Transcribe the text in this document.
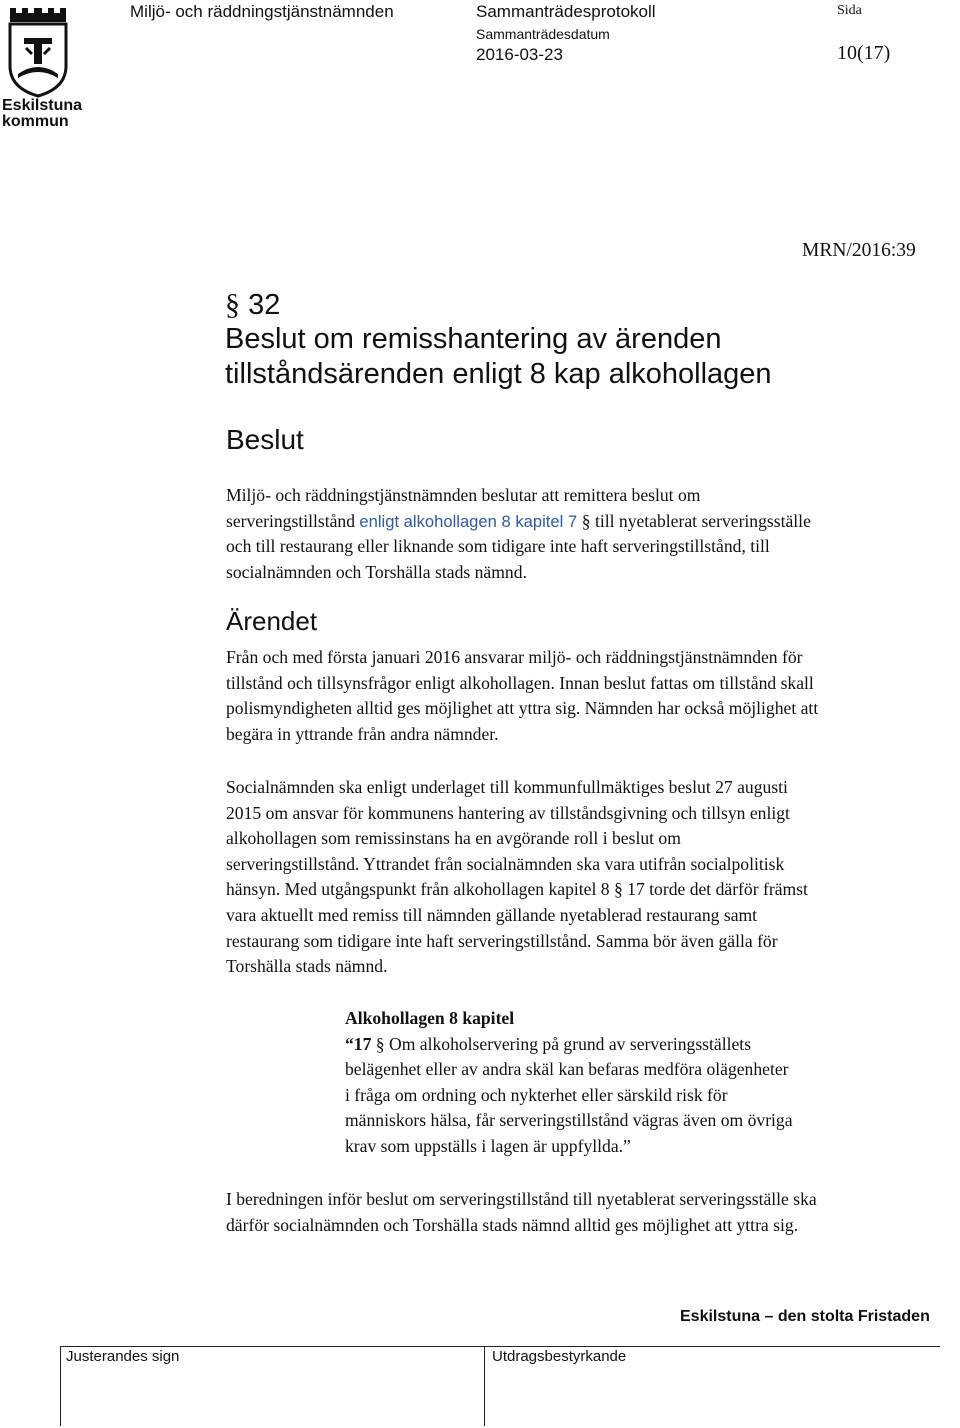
Eskilstuna
kommun
Miljö- och räddningstjänstnämnden	Sammanträdesprotokoll
Sammanträdesdatum
2016-03-23
Sida
10(17)
MRN/2016:39
§ 32
Beslut om remisshantering av ärenden
tillståndsärenden enligt 8 kap alkohollagen
Beslut
Miljö- och räddningstjänstnämnden beslutar att remittera beslut om
serveringstillstånd enligt alkohollagen 8 kapitel 7 § till nyetablerat serveringsställe
och till restaurang eller liknande som tidigare inte haft serveringstillstånd, till
socialnämnden och Torshälla stads nämnd.
Ärendet
Från och med första januari 2016 ansvarar miljö- och räddningstjänstnämnden för
tillstånd och tillsynsfrågor enligt alkohollagen. Innan beslut fattas om tillstånd skall
polismyndigheten alltid ges möjlighet att yttra sig. Nämnden har också möjlighet att
begära in yttrande från andra nämnder.
Socialnämnden ska enligt underlaget till kommunfullmäktiges beslut 27 augusti
2015 om ansvar för kommunens hantering av tillståndsgivning och tillsyn enligt
alkohollagen som remissinstans ha en avgörande roll i beslut om
serveringstillstånd. Yttrandet från socialnämnden ska vara utifrån socialpolitisk
hänsyn. Med utgångspunkt från alkohollagen kapitel 8 § 17 torde det därför främst
vara aktuellt med remiss till nämnden gällande nyetablerad restaurang samt
restaurang som tidigare inte haft serveringstillstånd. Samma bör även gälla för
Torshälla stads nämnd.
Alkohollagen 8 kapitel
“17 § Om alkoholservering på grund av serveringsställets
belägenhet eller av andra skäl kan befaras medföra olägenheter
i fråga om ordning och nykterhet eller särskild risk för
människors hälsa, får serveringstillstånd vägras även om övriga
krav som uppställs i lagen är uppfyllda.”
I beredningen inför beslut om serveringstillstånd till nyetablerat serveringsställe ska
därför socialnämnden och Torshälla stads nämnd alltid ges möjlighet att yttra sig.
Eskilstuna – den stolta Fristaden
Justerandes sign	Utdragsbestyrkande
